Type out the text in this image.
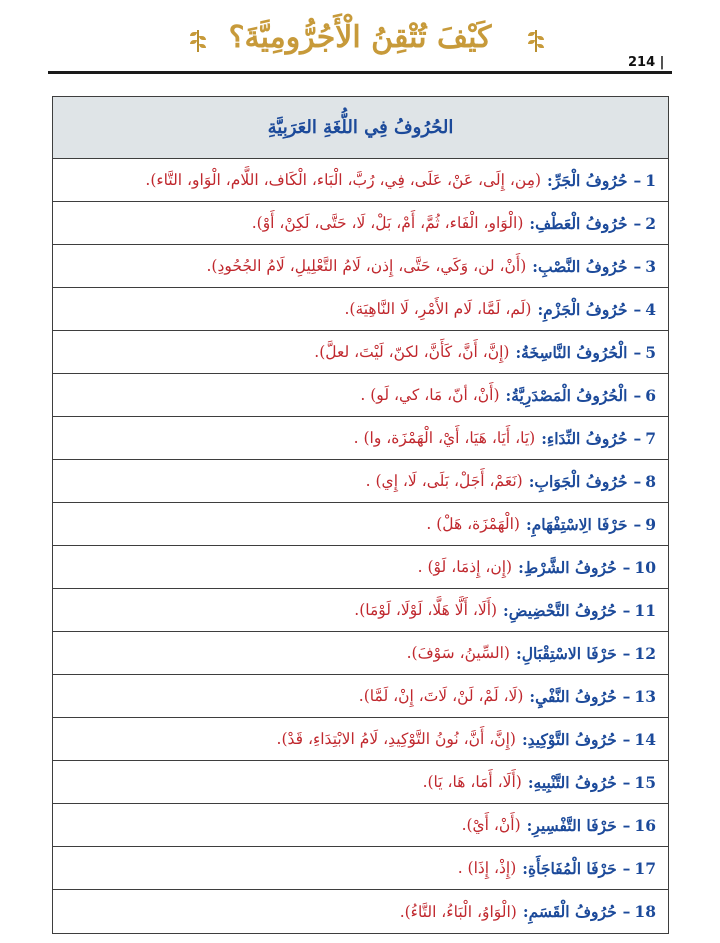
كَيْفَ تُتْقِنُ الْأَجُرُّومِيَّةَ؟
214 |
الحُرُوفُ فِي اللُّغَةِ العَرَبِيَّةِ
1
–
حُرُوفُ الْجَرِّ:
(مِن، إِلَى، عَنْ، عَلَى، فِي، رُبَّ، الْبَاء، الْكَاف، اللَّام، الْوَاو، التَّاء).
2
–
حُرُوفُ الْعَطْفِ:
(الْوَاو، الْفَاء، ثُمَّ، أَمْ، بَلْ، لَا، حَتَّى، لَكِنْ، أَوْ).
3
–
حُرُوفُ النَّصْبِ:
(أَنْ، لن، وَكَي، حَتَّى، إِذن، لَامُ التَّعْلِيلِ، لَامُ الجُحُودِ).
4
–
حُرُوفُ الْجَزْمِ:
(لَم، لَمَّا، لَام الأَمْرِ، لَا النَّاهِيَة).
5
–
الْحُرُوفُ النَّاسِخَةُ:
(إِنَّ، أَنَّ، كَأَنَّ، لكنّ، لَيْتَ، لعلَّ).
6
–
الْحُرُوفُ الْمَصْدَرِيَّةُ:
(أَنْ، أنّ، مَا، كي، لَو) .
7
–
حُرُوفُ النِّدَاءِ:
(يَا، أَيَا، هَيَا، أَيْ، الْهَمْزَة، وا) .
8
–
حُرُوفُ الْجَوَابِ:
(نَعَمْ، أَجَلْ، بَلَى، لَا، إِي) .
9
–
حَرْفَا الِاسْتِفْهَامِ:
(الْهَمْزَة، هَلْ) .
10
–
حُرُوفُ الشَّرْطِ:
(إِن، إِذمَا، لَوْ) .
11
–
حُرُوفُ التَّحْضِيضِ:
(أَلَا، أَلَّا هَلَّا، لَوْلَا، لَوْمَا).
12
–
حَرْفَا الاسْتِقْبَالِ:
(السِّينُ، سَوْفَ).
13
–
حُرُوفُ النَّفْيِ:
(لَا، لَمْ، لَنْ، لَاتَ، إِنْ، لَمَّا).
14
–
حُرُوفُ التَّوْكِيدِ:
(إِنَّ، أَنَّ، نُونُ التَّوْكِيدِ، لَامُ الابْتِدَاءِ، قَدْ).
15
–
حُرُوفُ التَّنْبِيهِ:
(أَلَا، أَمَا، هَا، يَا).
16
–
حَرْفَا التَّفْسِيرِ:
(أَنْ، أَيْ).
17
–
حَرْفَا الْمُفَاجَأَةِ:
(إِذْ، إِذَا) .
18
–
حُرُوفُ الْقَسَمِ:
(الْوَاوُ، الْبَاءُ، التَّاءُ).
